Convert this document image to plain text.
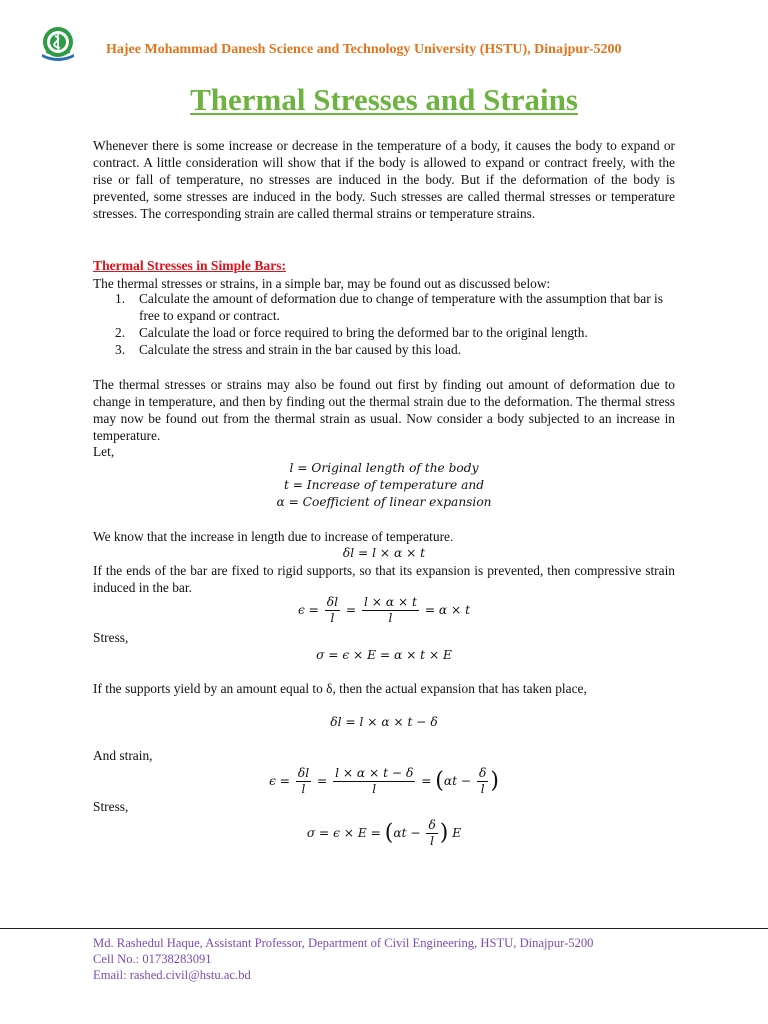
Hajee Mohammad Danesh Science and Technology University (HSTU), Dinajpur-5200
Thermal Stresses and Strains

Whenever there is some increase or decrease in the temperature of a body, it causes the body to expand or contract. A little consideration will show that if the body is allowed to expand or contract freely, with the rise or fall of temperature, no stresses are induced in the body. But if the deformation of the body is prevented, some stresses are induced in the body. Such stresses are called thermal stresses or temperature stresses. The corresponding strain are called thermal strains or temperature strains.

Thermal Stresses in Simple Bars:

The thermal stresses or strains, in a simple bar, may be found out as discussed below:

1. Calculate the amount of deformation due to change of temperature with the assumption that bar is free to expand or contract.
2. Calculate the load or force required to bring the deformed bar to the original length.
3. Calculate the stress and strain in the bar caused by this load.

The thermal stresses or strains may also be found out first by finding out amount of deformation due to change in temperature, and then by finding out the thermal strain due to the deformation. The thermal stress may now be found out from the thermal strain as usual. Now consider a body subjected to an increase in temperature.

Let,

l = Original length of the body
t = Increase of temperature and
α = Coefficient of linear expansion

We know that the increase in length due to increase of temperature.

δl = l × α × t

If the ends of the bar are fixed to rigid supports, so that its expansion is prevented, then compressive strain induced in the bar.

$\epsilon = \frac{\delta l}{l} = \frac{l \times \alpha \times t}{l} = \alpha \times t$

Stress,

σ = ϵ × E = α × t × E

If the supports yield by an amount equal to δ, then the actual expansion that has taken place,

δl = l × α × t − δ

And strain,

$\epsilon = \frac{\delta l}{l} = \frac{l \times \alpha \times t - \delta}{l} = (\alpha t - \frac{\delta}{l}$ )

Stress,

$\sigma = \epsilon \times E = (\alpha t - \frac{\delta}{l}$ ) E
Md. Rashedul Haque, Assistant Professor, Department of Civil Engineering, HSTU, Dinajpur-5200
Cell No.: 01738283091
Email: rashed.civil@hstu.ac.bd
